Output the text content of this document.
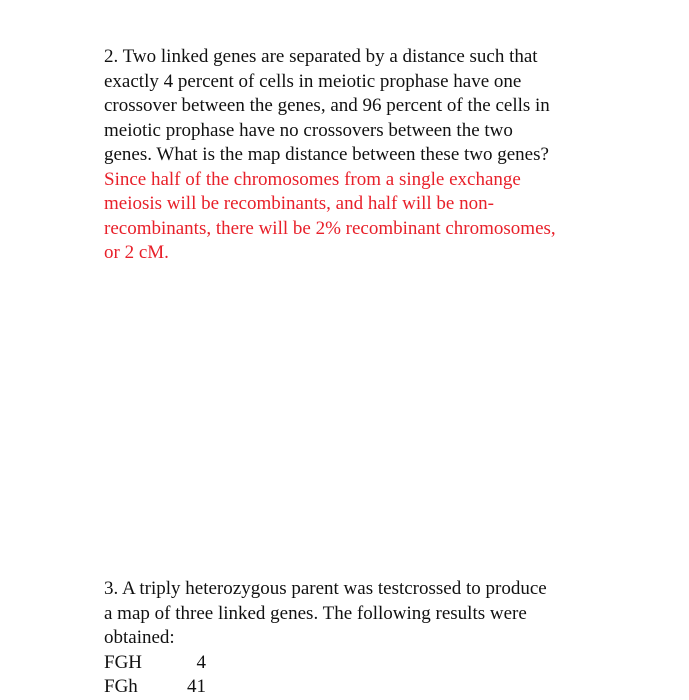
2. Two linked genes are separated by a distance such that
exactly 4 percent of cells in meiotic prophase have one
crossover between the genes, and 96 percent of the cells in
meiotic prophase have no crossovers between the two
genes. What is the map distance between these two genes?
Since half of the chromosomes from a single exchange
meiosis will be recombinants, and half will be non-
recombinants, there will be 2% recombinant chromosomes,
or 2 cM.
3. A triply heterozygous parent was testcrossed to produce
a map of three linked genes. The following results were
obtained:
FGH	4
FGh	41
